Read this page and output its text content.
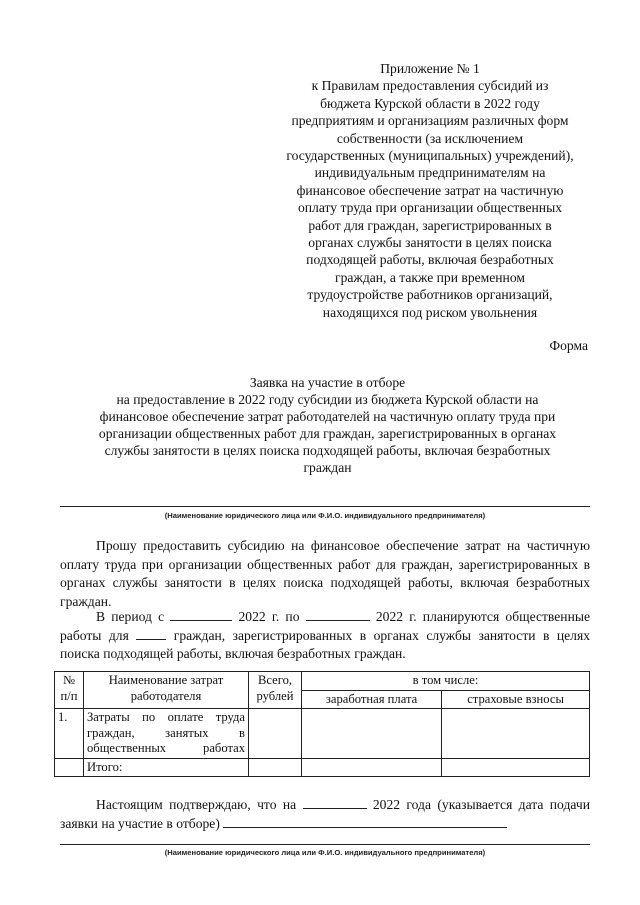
Приложение № 1
к Правилам предоставления субсидий из
бюджета Курской области в 2022 году
предприятиям и организациям различных форм
собственности (за исключением
государственных (муниципальных) учреждений),
индивидуальным предпринимателям на
финансовое обеспечение затрат на частичную
оплату труда при организации общественных
работ для граждан, зарегистрированных в
органах службы занятости в целях поиска
подходящей работы, включая безработных
граждан, а также при временном
трудоустройстве работников организаций,
находящихся под риском увольнения
Форма
Заявка на участие в отборе
на предоставление в 2022 году субсидии из бюджета Курской области на
финансовое обеспечение затрат работодателей на частичную оплату труда при
организации общественных работ для граждан, зарегистрированных в органах
службы занятости в целях поиска подходящей работы, включая безработных
граждан
(Наименование юридического лица или Ф.И.О. индивидуального предпринимателя)
Прошу предоставить субсидию на финансовое обеспечение затрат на частичную оплату труда при организации общественных работ для граждан, зарегистрированных в органах службы занятости в целях поиска подходящей работы, включая безработных граждан.
В период с	2022 г. по	2022 г. планируются общественные работы для	граждан, зарегистрированных в органах службы занятости в целях поиска подходящей работы, включая безработных граждан.
№ п/п	Наименование затрат работодателя	Всего, рублей	в том числе:	
			заработная плата	страховые взносы
1.	Затраты по оплате труда граждан, занятых в общественных работах			
	Итого:			
Настоящим подтверждаю, что на	2022 года (указывается дата подачи заявки на участие в отборе)
(Наименование юридического лица или Ф.И.О. индивидуального предпринимателя)
